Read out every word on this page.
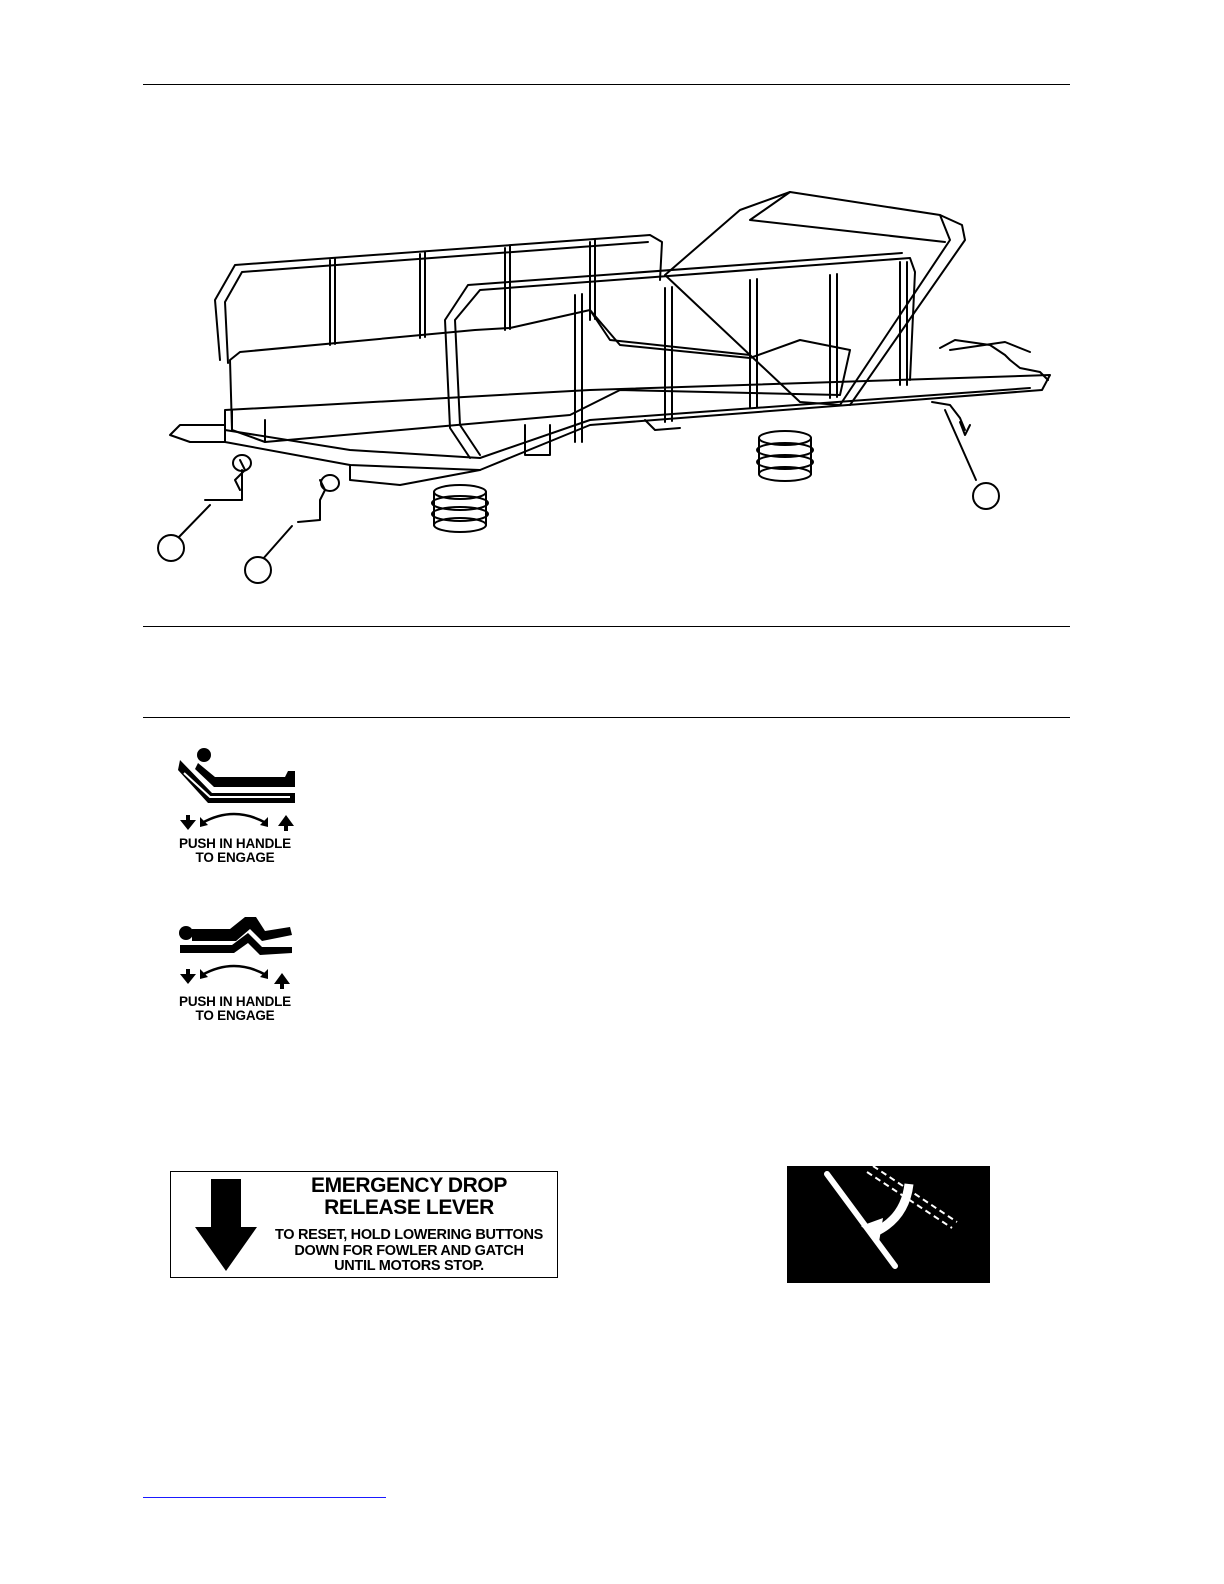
PUSH IN HANDLE
TO ENGAGE
PUSH IN HANDLE
TO ENGAGE
EMERGENCY DROP
RELEASE LEVER
TO RESET, HOLD LOWERING BUTTONS
DOWN FOR FOWLER AND GATCH
UNTIL MOTORS STOP.
